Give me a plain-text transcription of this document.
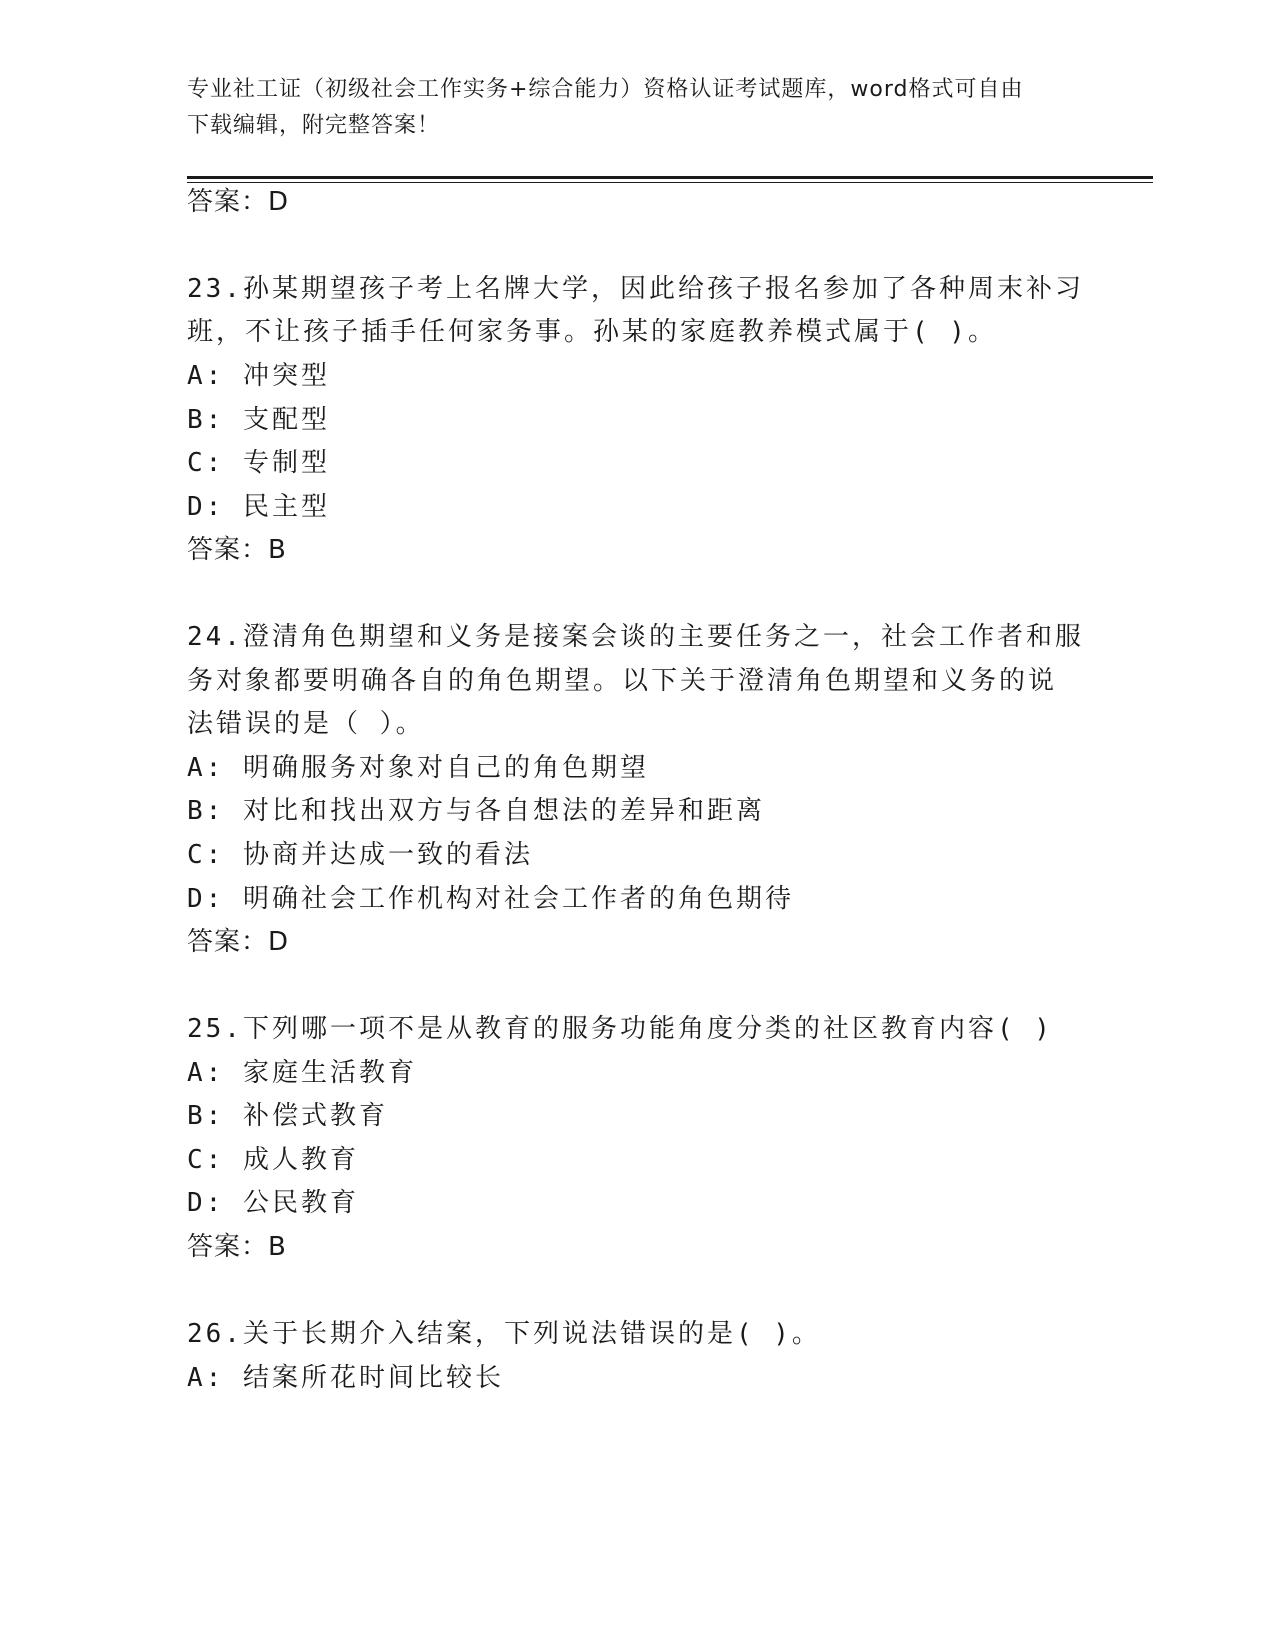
专业社工证（初级社会工作实务+综合能力）资格认证考试题库，word格式可自由
下载编辑，附完整答案！
答案：D
23.孙某期望孩子考上名牌大学，因此给孩子报名参加了各种周末补习
班，不让孩子插手任何家务事。孙某的家庭教养模式属于( )。
A: 冲突型
B: 支配型
C: 专制型
D: 民主型
答案：B
24.澄清角色期望和义务是接案会谈的主要任务之一，社会工作者和服
务对象都要明确各自的角色期望。以下关于澄清角色期望和义务的说
法错误的是（ ）。
A: 明确服务对象对自己的角色期望
B: 对比和找出双方与各自想法的差异和距离
C: 协商并达成一致的看法
D: 明确社会工作机构对社会工作者的角色期待
答案：D
25.下列哪一项不是从教育的服务功能角度分类的社区教育内容( )
A: 家庭生活教育
B: 补偿式教育
C: 成人教育
D: 公民教育
答案：B
26.关于长期介入结案，下列说法错误的是( )。
A: 结案所花时间比较长
